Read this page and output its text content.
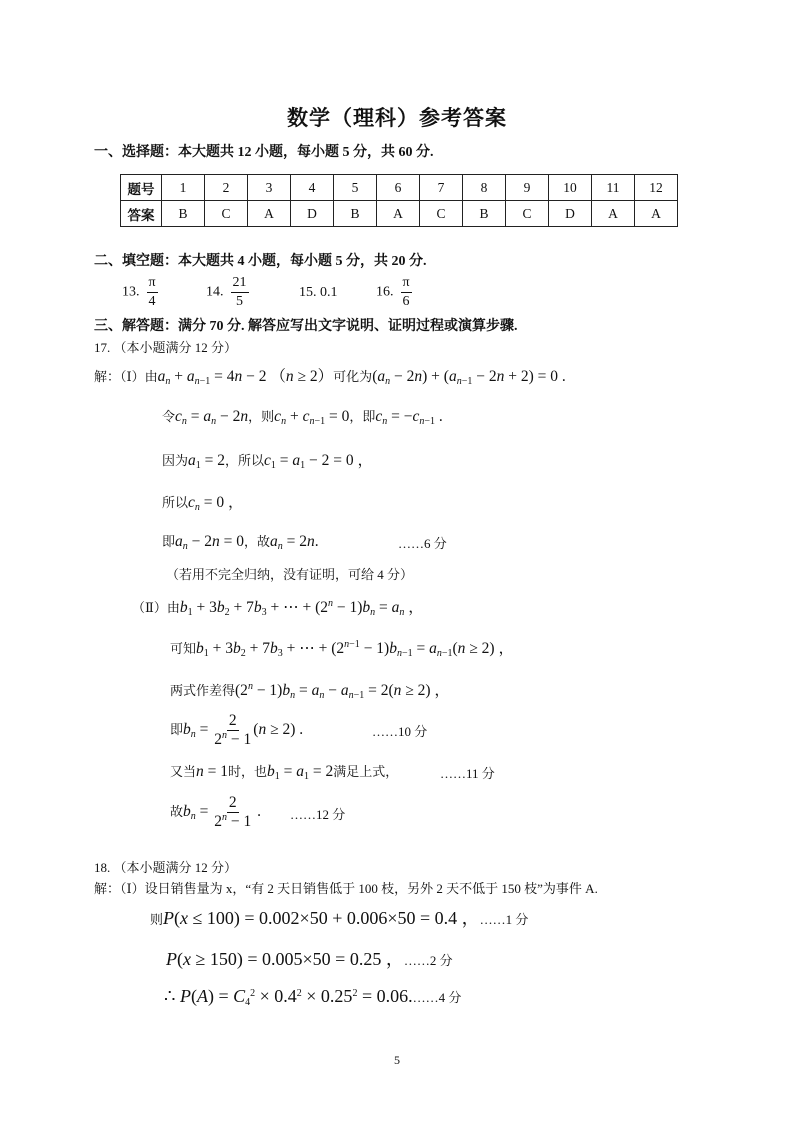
数学（理科）参考答案
一、选择题：本大题共 12 小题，每小题 5 分，共 60 分.
题号	1	2	3	4	5	6	7	8	9	10	11	12
答案	B	C	A	D	B	A	C	B	C	D	A	A
二、填空题：本大题共 4 小题，每小题 5 分，共 20 分.
13. $\frac{\pi}{4}$	14. $\frac{21}{5}$	15. 0.1	16. $\frac{\pi}{6}$
三、解答题：满分 70 分. 解答应写出文字说明、证明过程或演算步骤.
17. （本小题满分 12 分）
解：（Ⅰ）由$a_n + a_{n-1} = 4n - 2$ （n ≥ 2）可化为$(a_n - 2n) + (a_{n-1} - 2n + 2) = 0$ .
令$c_n = a_n - 2n$，则$c_n + c_{n-1} = 0$，即$c_n = -c_{n-1}$ .
因为$a_1 = 2$，所以$c_1 = a_1 - 2 = 0$ ，
所以$c_n = 0$ ，
即$a_n - 2n = 0$，故$a_n = 2n$.	……6 分
（若用不完全归纳，没有证明，可给 4 分）
（Ⅱ）由$b_1 + 3b_2 + 7b_3$ + ⋯ + $(2^n - 1)b_n = a_n$ ，
可知$b_1 + 3b_2 + 7b_3$ + ⋯ + $(2^{n-1} - 1)b_{n-1} = a_{n-1}(n \ge 2)$ ，
两式作差得$(2^n - 1)b_n = a_n - a_{n-1} = 2(n \ge 2)$ ，
即$b_n = \frac{2}{2^n - 1} (n \ge 2)$ .	……10 分
又当n = 1时，也$b_1 = a_1 = 2$满足上式，	……11 分
故$b_n = \frac{2}{2^n - 1}$ . ……12 分
18. （本小题满分 12 分）
解：（Ⅰ）设日销售量为 x，“有 2 天日销售低于 100 枝，另外 2 天不低于 150 枝”为事件 A.
则P(x ≤ 100) = 0.002×50 + 0.006×50 = 0.4 ，……1 分
P(x ≥ 150) = 0.005×50 = 0.25 ，……2 分
∴ $P(A) = C_4^2 \times 0.4^2 \times 0.25^2$ = 0.06.……4 分
5
